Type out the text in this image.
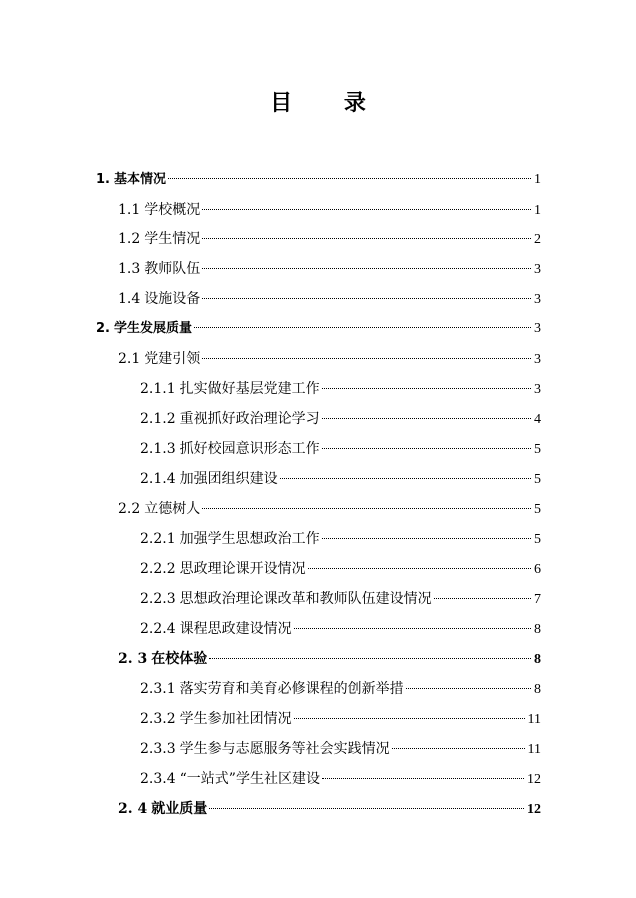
目 录
1. 基本情况	1
1.1 学校概况	1
1.2 学生情况	2
1.3 教师队伍	3
1.4 设施设备	3
2. 学生发展质量	3
2.1 党建引领	3
2.1.1 扎实做好基层党建工作	3
2.1.2 重视抓好政治理论学习	4
2.1.3 抓好校园意识形态工作	5
2.1.4 加强团组织建设	5
2.2 立德树人	5
2.2.1 加强学生思想政治工作	5
2.2.2 思政理论课开设情况	6
2.2.3 思想政治理论课改革和教师队伍建设情况	7
2.2.4 课程思政建设情况	8
2. 3 在校体验	8
2.3.1 落实劳育和美育必修课程的创新举措	8
2.3.2 学生参加社团情况	11
2.3.3 学生参与志愿服务等社会实践情况	11
2.3.4 “一站式”学生社区建设	12
2. 4 就业质量	12
